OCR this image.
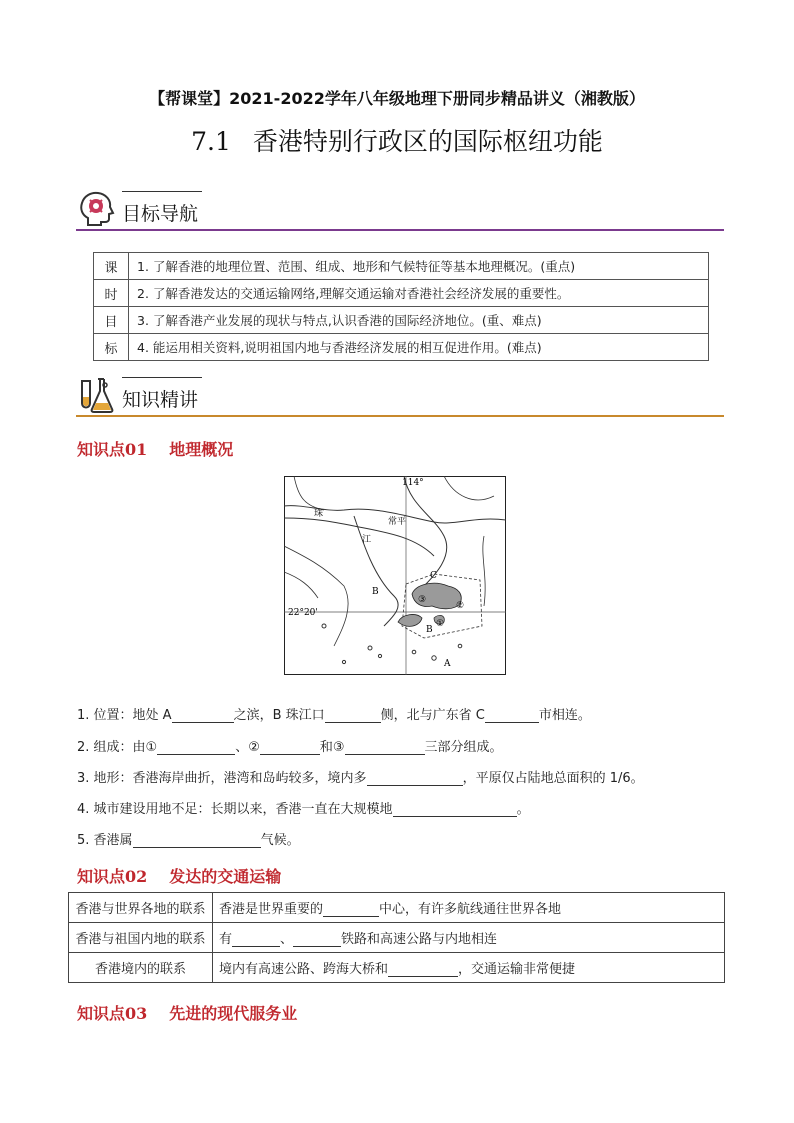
【帮课堂】2021-2022学年八年级地理下册同步精品讲义（湘教版）
7.1 香港特别行政区的国际枢纽功能
目标导航
课	1. 了解香港的地理位置、范围、组成、地形和气候特征等基本地理概况。(重点)
时	2. 了解香港发达的交通运输网络,理解交通运输对香港社会经济发展的重要性。
目	3. 了解香港产业发展的现状与特点,认识香港的国际经济地位。(重、难点)
标	4. 能运用相关资料,说明祖国内地与香港经济发展的相互促进作用。(难点)
知识精讲
知识点01 地理概况
114°
22°20'
珠
江
常平
C
B
B
A
③
②
①
1. 位置：地处 A	之滨，B 珠江口	侧，北与广东省 C	市相连。
2. 组成：由①	、②	和③	三部分组成。
3. 地形：香港海岸曲折，港湾和岛屿较多，境内多	，平原仅占陆地总面积的 1/6。
4. 城市建设用地不足：长期以来，香港一直在大规模地	。
5. 香港属	气候。
知识点02 发达的交通运输
香港与世界各地的联系	香港是世界重要的 中心，有许多航线通往世界各地
香港与祖国内地的联系	有 、 铁路和高速公路与内地相连
香港境内的联系	境内有高速公路、跨海大桥和 ，交通运输非常便捷
知识点03 先进的现代服务业
